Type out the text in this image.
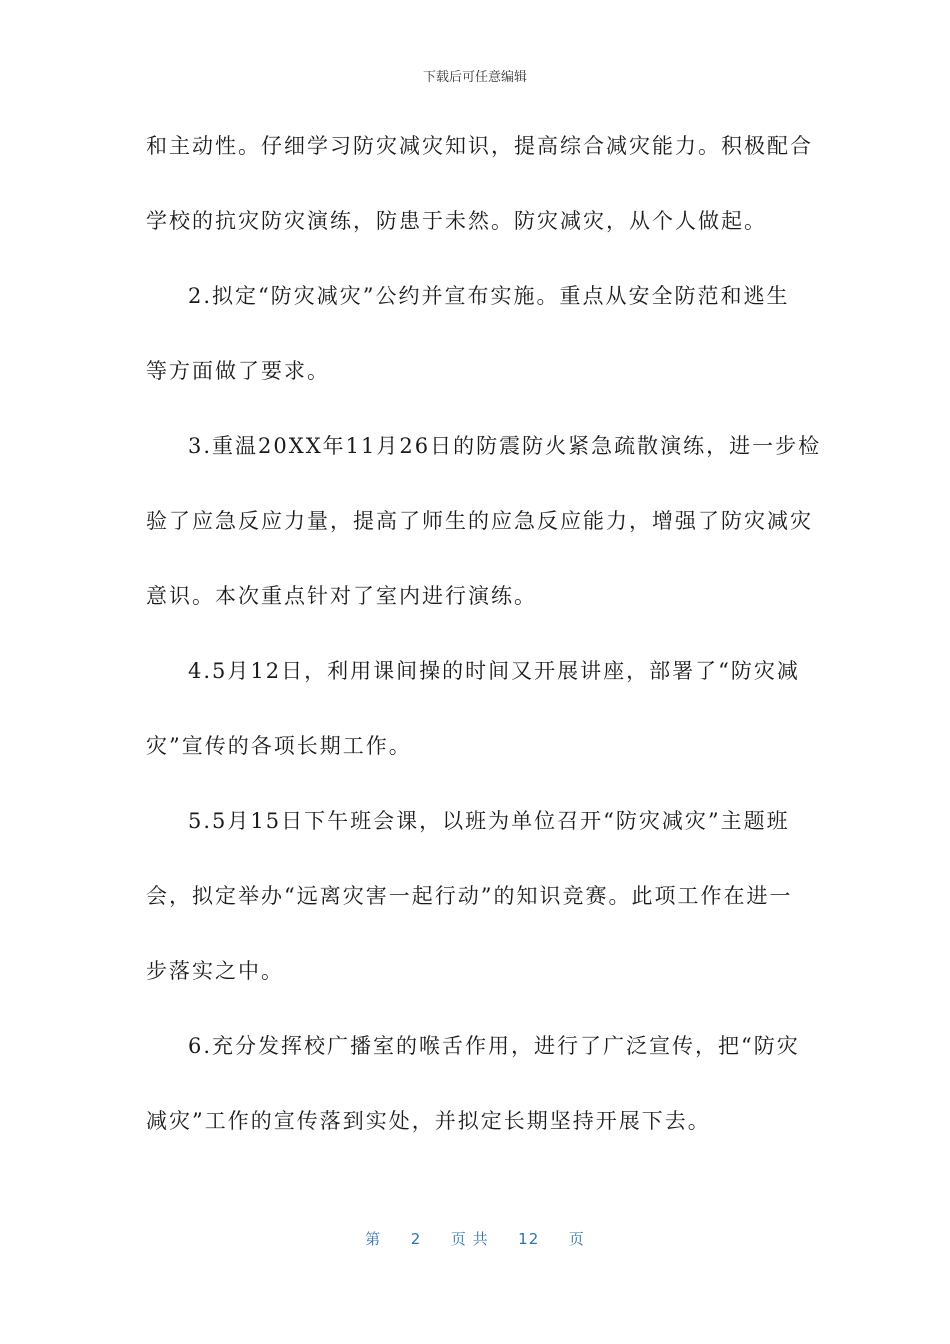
下载后可任意编辑
和主动性。仔细学习防灾减灾知识，提高综合减灾能力。积极配合
学校的抗灾防灾演练，防患于未然。防灾减灾，从个人做起。
2.拟定“防灾减灾”公约并宣布实施。重点从安全防范和逃生
等方面做了要求。
3.重温20XX年11月26日的防震防火紧急疏散演练，进一步检
验了应急反应力量，提高了师生的应急反应能力，增强了防灾减灾
意识。本次重点针对了室内进行演练。
4.5月12日，利用课间操的时间又开展讲座，部署了“防灾减
灾”宣传的各项长期工作。
5.5月15日下午班会课，以班为单位召开“防灾减灾”主题班
会，拟定举办“远离灾害一起行动”的知识竞赛。此项工作在进一
步落实之中。
6.充分发挥校广播室的喉舌作用，进行了广泛宣传，把“防灾
减灾”工作的宣传落到实处，并拟定长期坚持开展下去。
第 2 页 共 12 页
